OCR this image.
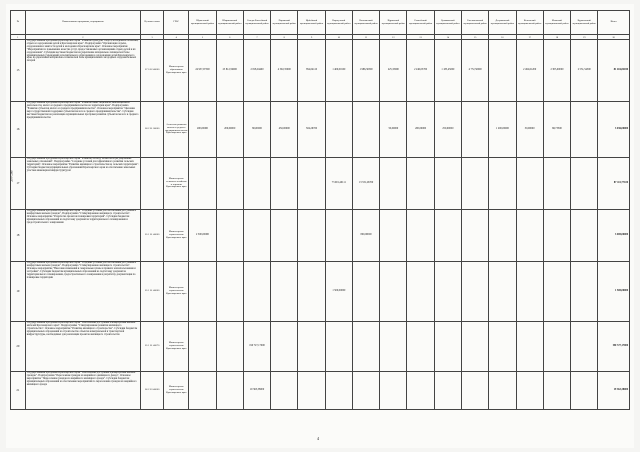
Д-8 Сакт
№	Наименование программы, мероприятия	Целевая статья	ГРБС	Шушенский муниципальный район	Шарыповский муниципальный район	Северо-Енисейский муниципальный район	Пировский муниципальный район	Ирбейский муниципальный район	Каратузский муниципальный район	Казачинский муниципальный район	Идринский муниципальный район	Енисейский муниципальный район	Ермаковский муниципальный район	Емельяновский муниципальный район	Дзержинский муниципальный район	Кежемский муниципальный район	Иланский муниципальный район	Курагинский муниципальный район	Итого
1	2	3	4	5	6	7	8	9	10	11	12	13	14	15	16	17	18	19	20
15	Государственная программа Красноярского края "Развитие культуры, спорта, молодежной политики, отдыха и оздоровления детей в Красноярском крае". Подпрограмма "Организация отдыха, оздоровления и занятости детей и молодежи в Красноярском крае". Основное мероприятие "Мероприятия по повышению качества услуг, предоставляемых организациями отдыха детей и их оздоровления". Субсидии местным бюджетам на укрепление материально-технической базы муниципальных учреждений дополнительного образования и оздоровления детей Красноярского края, на укрепление материально-технической базы муниципальных загородных оздоровительных лагерей	07 0 02 40000	Министерство образования Красноярского края	24 957,97500	25 812,59000	2 818,04400	4 592,35000	854,04110	1 400,00100	1 986,30300	225,33000	2 246,05700	1 185,45000	4 772,50000		2 492,61200	2 305,00000	2 531,54300	81 416,82030
16	Государственная программа Красноярского края "Развитие инвестиционной, инновационной деятельности, малого и среднего предпринимательства на территории края". Подпрограмма "Развитие субъектов малого и среднего предпринимательства". Основное мероприятие "Оказание мер государственной поддержки субъектам малого и среднего предпринимательства". Субсидии местным бюджетам на реализацию муниципальных программ развития субъектов малого и среднего предпринимательства	08 2 01 00000	Агентство развития малого и среднего предпринимательства Красноярского края	200,00000	200,00000	80,00000	450,00000	304,26700			50,00000	200,00000	250,00000		1 200,00000	30,00000	68,73300		3 036,00000
17	Государственная программа Красноярского края "Развитие лесного хозяйства и регулирование земельных отношений". Подпрограмма "Создание условий для эффективного развития сельских территорий". Основное мероприятие "Развитие жилищного строительства на сельских территориях". Субсидии бюджетам муниципальных образований Красноярского края на обеспечение земельных участков инженерной инфраструктурой		Министерство сельского хозяйства и торговли Красноярского края						73 901,40111	13 331,26700									87 411,77100
18	Государственная программа Красноярского края "Создание условий для обеспечения доступным и комфортным жильем граждан". Подпрограмма "Стимулирование жилищного строительства". Основное мероприятие "Разработка проектов планировки территорий". Субсидии бюджетам муниципальных образований на подготовку документов территориального планирования и градостроительного зонирования	05 1 01 40000	Министерство строительства Красноярского края	2 500,00000						800,00000									3 000,00000
19	Государственная программа Красноярского края "Создание условий для обеспечения доступным и комфортным жильем граждан". Подпрограмма "Стимулирование жилищного строительства". Основное мероприятие "Внесение изменений в генеральные планы и правила землепользования и застройки". Субсидии бюджетам муниципальных образований на подготовку документов территориального планирования, градостроительного зонирования и разработку документации по планировке территории	05 1 01 40000	Министерство строительства Красноярского края						1 500,00000										1 500,00000
20	Государственная программа Красноярского края "Обеспечение доступным и комфортным жильем жителей Красноярского края". Подпрограмма "Стимулирование развития жилищного строительства". Основное мероприятие "Развитие жилищного строительства". Субсидии бюджетам муниципальных образований на строительство объектов коммунальной и транспортной инфраструктуры, необходимых для реализации проектов жилищного строительства	05 1 01 40070	Министерство строительства Красноярского края			190 727,17000													190 727,17000
21	Государственная программа Красноярского края "Обеспечение доступным и комфортным жильем граждан". Подпрограмма "Переселение граждан из аварийного жилищного фонда". Основное мероприятие "Переселение граждан из аварийного жилищного фонда". Субсидии бюджетам муниципальных образований на обеспечение мероприятий по переселению граждан из аварийного жилищного фонда	06 2 03 40000	Министерство строительства Красноярского края			19 363,38000													19 363,38000
4
